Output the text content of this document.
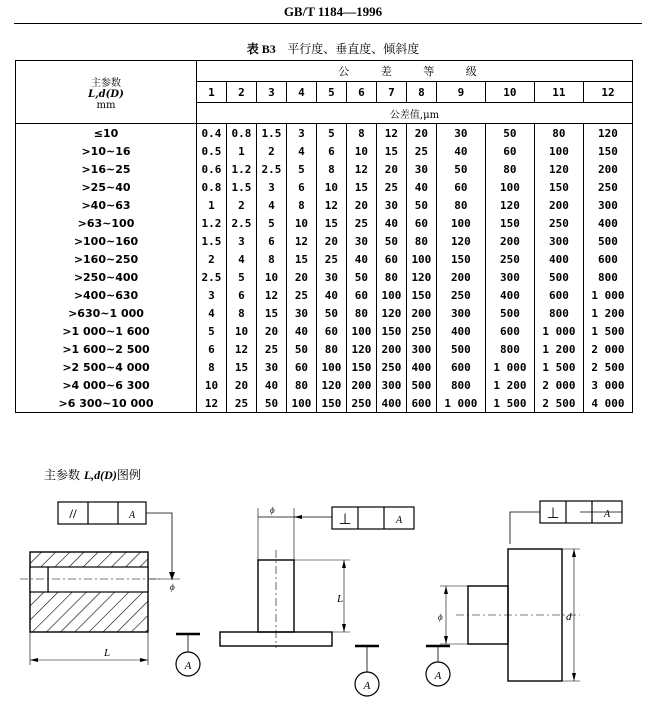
GB/T 1184—1996
表 B3 平行度、垂直度、倾斜度
主参数
L,d(D)
mm	公 差 等 级											
	1	2	3	4	5	6	7	8	9	10	11	12
	公差值,μm											
≤10	0.4	0.8	1.5	3	5	8	12	20	30	50	80	120
>10~16	0.5	1	2	4	6	10	15	25	40	60	100	150
>16~25	0.6	1.2	2.5	5	8	12	20	30	50	80	120	200
>25~40	0.8	1.5	3	6	10	15	25	40	60	100	150	250
>40~63	1	2	4	8	12	20	30	50	80	120	200	300
>63~100	1.2	2.5	5	10	15	25	40	60	100	150	250	400
>100~160	1.5	3	6	12	20	30	50	80	120	200	300	500
>160~250	2	4	8	15	25	40	60	100	150	250	400	600
>250~400	2.5	5	10	20	30	50	80	120	200	300	500	800
>400~630	3	6	12	25	40	60	100	150	250	400	600	1 000
>630~1 000	4	8	15	30	50	80	120	200	300	500	800	1 200
>1 000~1 600	5	10	20	40	60	100	150	250	400	600	1 000	1 500
>1 600~2 500	6	12	25	50	80	120	200	300	500	800	1 200	2 000
>2 500~4 000	8	15	30	60	100	150	250	400	600	1 000	1 500	2 500
>4 000~6 300	10	20	40	80	120	200	300	500	800	1 200	2 000	3 000
>6 300~10 000	12	25	50	100	150	250	400	600	1 000	1 500	2 500	4 000
主参数 L,d(D)图例
//	A
ϕ
L
A
⊥	A
ϕ
L
A
⊥	A
ϕ	d
A
